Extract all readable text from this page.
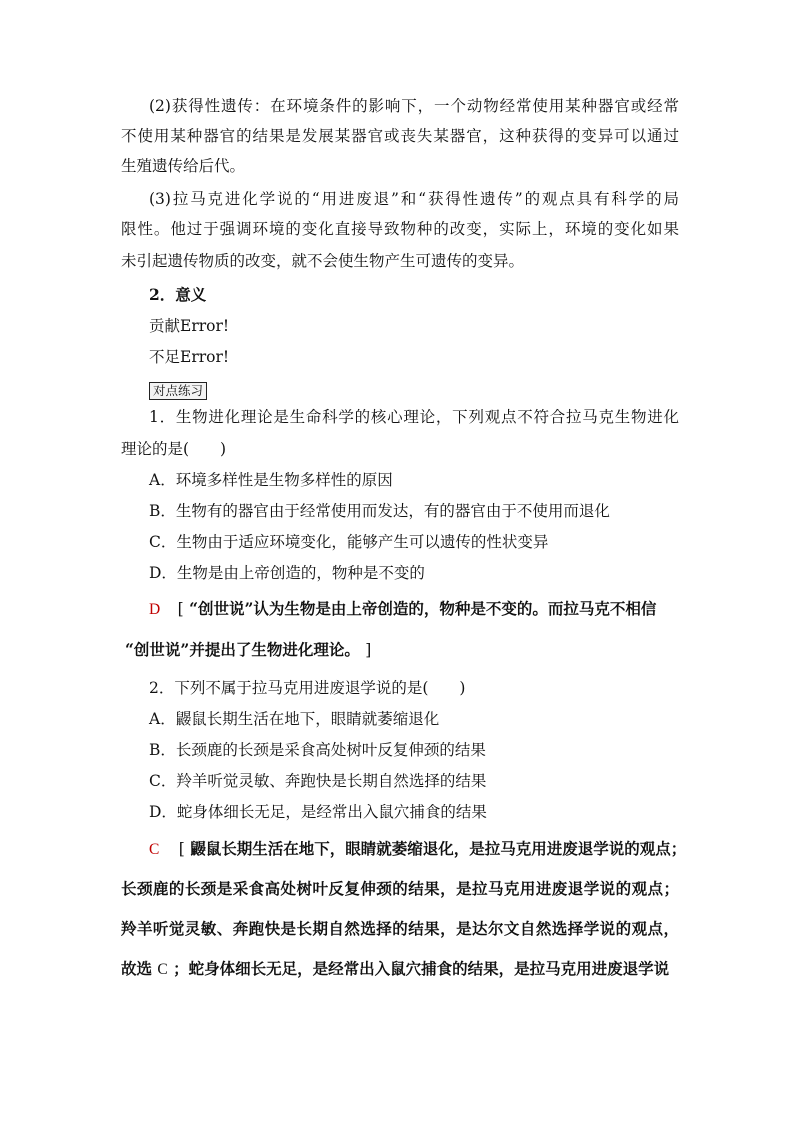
(2)获得性遗传：在环境条件的影响下，一个动物经常使用某种器官或经常

不使用某种器官的结果是发展某器官或丧失某器官，这种获得的变异可以通过

生殖遗传给后代。

(3)拉马克进化学说的“用进废退”和“获得性遗传”的观点具有科学的局

限性。他过于强调环境的变化直接导致物种的改变，实际上，环境的变化如果

未引起遗传物质的改变，就不会使生物产生可遗传的变异。

2．意义

贡献Error!

不足Error!

对点练习

1．生物进化理论是生命科学的核心理论，下列观点不符合拉马克生物进化

理论的是(　　)

A．环境多样性是生物多样性的原因

B．生物有的器官由于经常使用而发达，有的器官由于不使用而退化

C．生物由于适应环境变化，能够产生可以遗传的性状变异

D．生物是由上帝创造的，物种是不变的

D [ “创世说”认为生物是由上帝创造的，物种是不变的。而拉马克不相信

“创世说”并提出了生物进化理论。 ]

2．下列不属于拉马克用进废退学说的是(　　)

A．鼹鼠长期生活在地下，眼睛就萎缩退化

B．长颈鹿的长颈是采食高处树叶反复伸颈的结果

C．羚羊听觉灵敏、奔跑快是长期自然选择的结果

D．蛇身体细长无足，是经常出入鼠穴捕食的结果

C [ 鼹鼠长期生活在地下，眼睛就萎缩退化，是拉马克用进废退学说的观点；

长颈鹿的长颈是采食高处树叶反复伸颈的结果，是拉马克用进废退学说的观点；

羚羊听觉灵敏、奔跑快是长期自然选择的结果，是达尔文自然选择学说的观点，

故选 C ；蛇身体细长无足，是经常出入鼠穴捕食的结果，是拉马克用进废退学说
